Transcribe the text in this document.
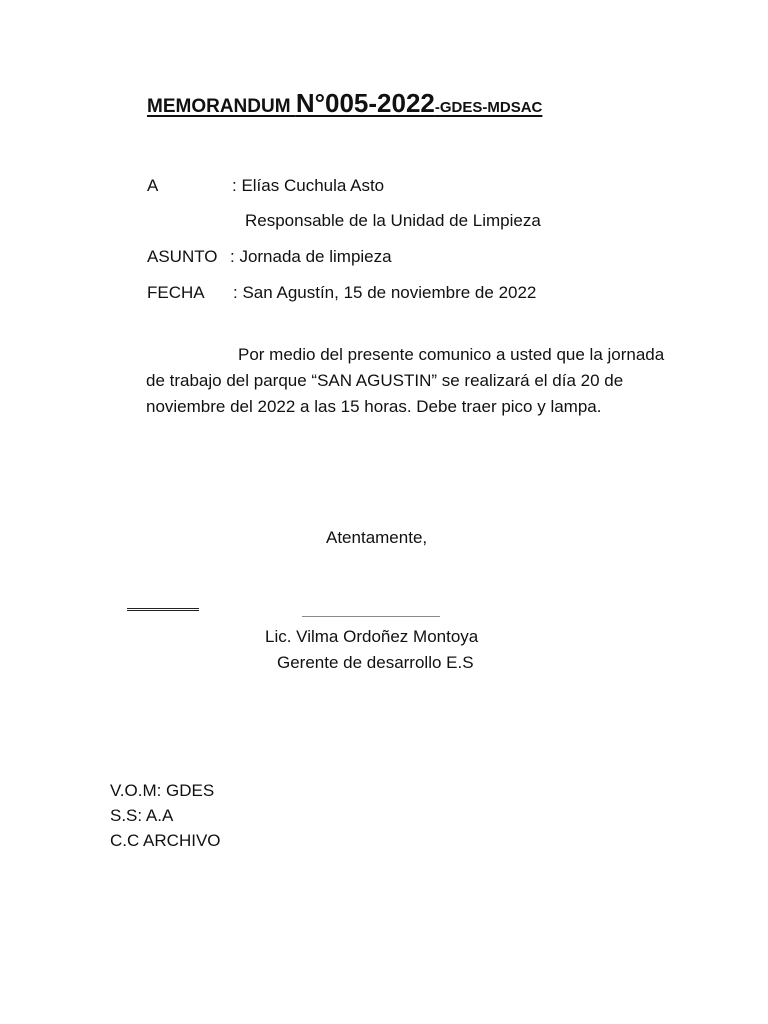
MEMORANDUM N°005-2022-GDES-MDSAC
A	: Elías Cuchula Asto
Responsable de la Unidad de Limpieza
ASUNTO : Jornada de limpieza
FECHA : San Agustín, 15 de noviembre de 2022
Por medio del presente comunico a usted que la jornada de trabajo del parque “SAN AGUSTIN” se realizará el día 20 de noviembre del 2022 a las 15 horas. Debe traer pico y lampa.
Atentamente,
Lic. Vilma Ordoñez Montoya
Gerente de desarrollo E.S
V.O.M: GDES
S.S: A.A
C.C ARCHIVO
